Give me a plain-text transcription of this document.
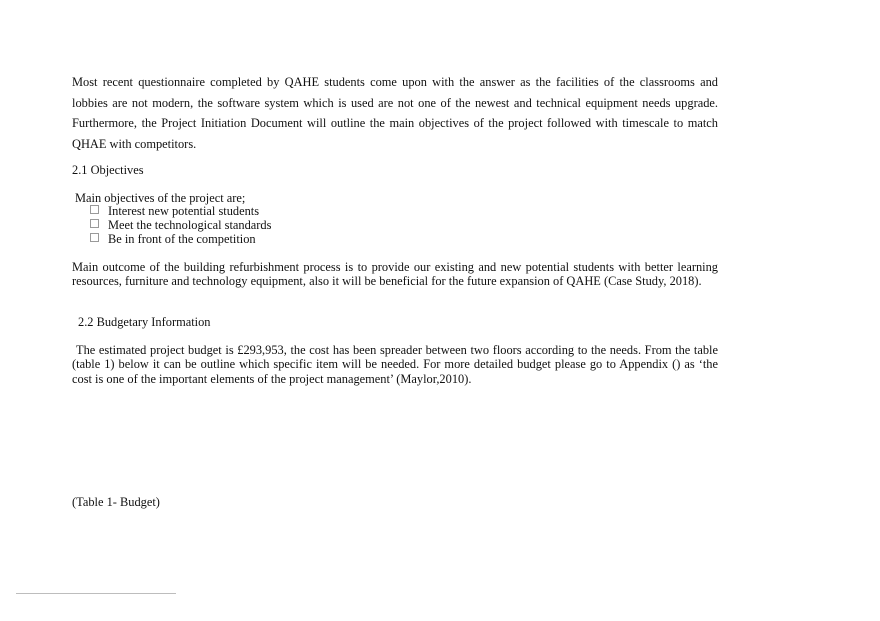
Most recent questionnaire completed by QAHE students come upon with the answer as the facilities of the classrooms and lobbies are not modern, the software system which is used are not one of the newest and technical equipment needs upgrade. Furthermore, the Project Initiation Document will outline the main objectives of the project followed with timescale to match QHAE with competitors.

2.1 Objectives
Main objectives of the project are;
Interest new potential students
Meet the technological standards
Be in front of the competition

Main outcome of the building refurbishment process is to provide our existing and new potential students with better learning resources, furniture and technology equipment, also it will be beneficial for the future expansion of QAHE (Case Study, 2018).

2.2 Budgetary Information

The estimated project budget is £293,953, the cost has been spreader between two floors according to the needs. From the table (table 1) below it can be outline which specific item will be needed. For more detailed budget please go to Appendix () as ‘the cost is one of the important elements of the project management’ (Maylor,2010).

(Table 1- Budget)
